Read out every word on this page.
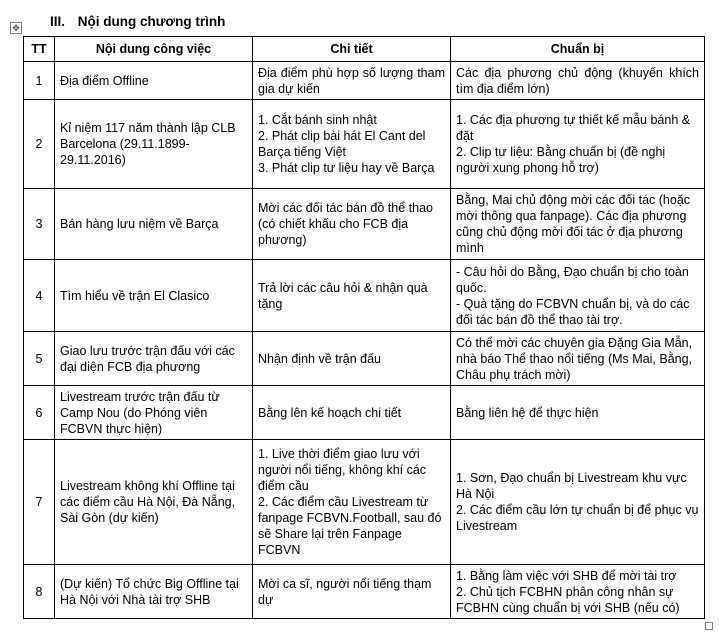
✥ III. Nội dung chương trình
TT	Nội dung công việc	Chi tiết	Chuẩn bị
1	Địa điểm Offline	Địa điểm phù hợp số lượng tham gia dự kiến	Các địa phương chủ động (khuyến khích tìm địa điểm lớn)

2	Kỉ niệm 117 năm thành lập CLB Barcelona (29.11.1899-29.11.2016)	1. Cắt bánh sinh nhật
2. Phát clip bài hát El Cant del Barça tiếng Việt
3. Phát clip tư liệu hay về Barça	1. Các địa phương tự thiết kế mẫu bánh & đặt
2. Clip tư liệu: Bằng chuẩn bị (đề nghị người xung phong hỗ trợ)

3	Bán hàng lưu niệm về Barça	Mời các đối tác bán đồ thể thao (có chiết khấu cho FCB địa phương)	Bằng, Mai chủ động mời các đối tác (hoặc mời thông qua fanpage). Các địa phương cũng chủ động mời đối tác ở địa phương mình

4	Tìm hiểu về trận El Clasico	Trả lời các câu hỏi & nhận quà tặng	- Câu hỏi do Bằng, Đạo chuẩn bị cho toàn quốc.
- Quà tặng do FCBVN chuẩn bị, và do các đối tác bán đồ thể thao tài trợ.

5	Giao lưu trước trận đấu với các đại diện FCB địa phương	Nhận định về trận đấu	Có thể mời các chuyên gia Đặng Gia Mẫn, nhà báo Thể thao nổi tiếng (Ms Mai, Bằng, Châu phụ trách mời)

6	Livestream trước trận đấu từ Camp Nou (do Phóng viên FCBVN thực hiện)	Bằng lên kế hoạch chi tiết	Bằng liên hệ để thực hiện

7	Livestream không khí Offline tại các điểm cầu Hà Nội, Đà Nẵng, Sài Gòn (dự kiến)	1. Live thời điểm giao lưu với người nổi tiếng, không khí các điểm cầu
2. Các điểm cầu Livestream từ fanpage FCBVN.Football, sau đó sẽ Share lại trên Fanpage FCBVN	1. Sơn, Đạo chuẩn bị Livestream khu vực Hà Nội
2. Các điểm cầu lớn tự chuẩn bị để phục vụ Livestream

8	(Dự kiến) Tổ chức Big Offline tại Hà Nội với Nhà tài trợ SHB	Mời ca sĩ, người nổi tiếng thạm dự	1. Bằng làm việc với SHB để mời tài trợ
2. Chủ tịch FCBHN phân công nhân sự FCBHN cùng chuẩn bị với SHB (nếu có)
